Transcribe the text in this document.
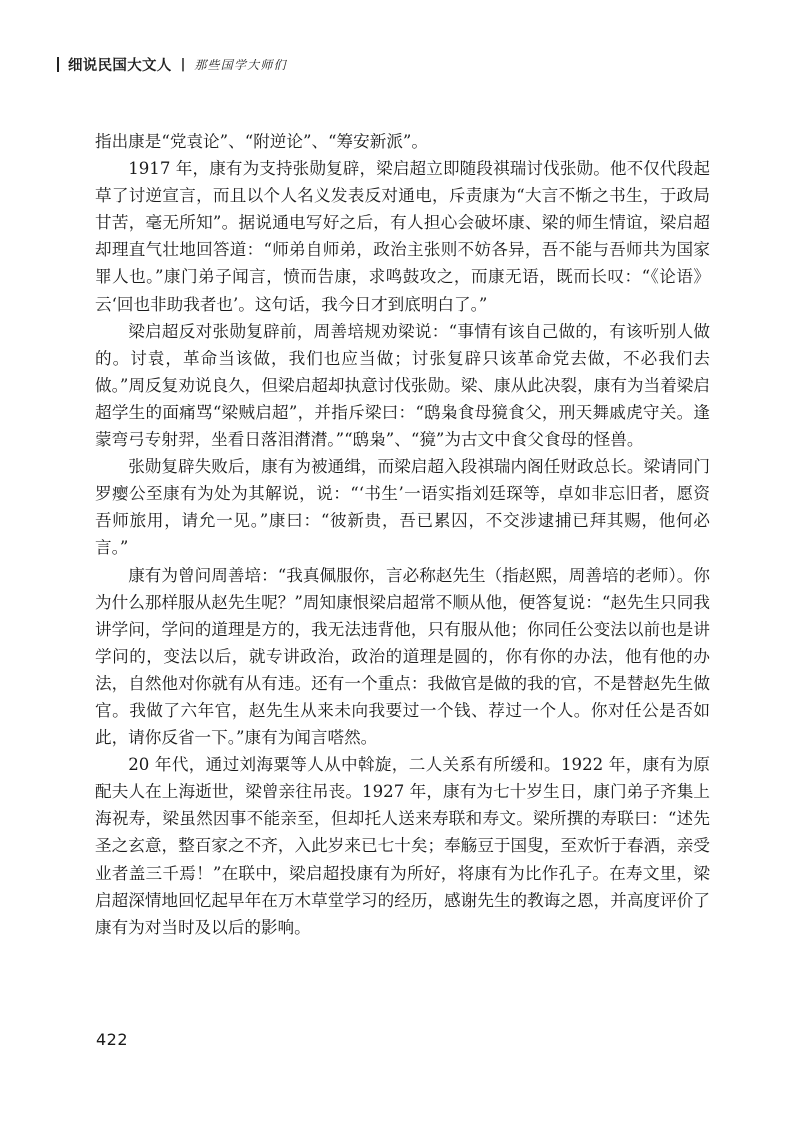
细说民国大文人 | 那些国学大师们

指出康是“党袁论”、“附逆论”、“筹安新派”。

1917 年，康有为支持张勋复辟，梁启超立即随段祺瑞讨伐张勋。他不仅代段起草了讨逆宣言，而且以个人名义发表反对通电，斥责康为“大言不惭之书生，于政局甘苦，毫无所知”。据说通电写好之后，有人担心会破坏康、梁的师生情谊，梁启超却理直气壮地回答道：“师弟自师弟，政治主张则不妨各异，吾不能与吾师共为国家罪人也。”康门弟子闻言，愤而告康，求鸣鼓攻之，而康无语，既而长叹：“《论语》云‘回也非助我者也’。这句话，我今日才到底明白了。”

梁启超反对张勋复辟前，周善培规劝梁说：“事情有该自己做的，有该听别人做的。讨袁，革命当该做，我们也应当做；讨张复辟只该革命党去做，不必我们去做。”周反复劝说良久，但梁启超却执意讨伐张勋。梁、康从此决裂，康有为当着梁启超学生的面痛骂“梁贼启超”，并指斥梁曰：“鸱枭食母獍食父，刑天舞戚虎守关。逢蒙弯弓专射羿，坐看日落泪潸潸。”“鸱枭”、“獍”为古文中食父食母的怪兽。

张勋复辟失败后，康有为被通缉，而梁启超入段祺瑞内阁任财政总长。梁请同门罗瘿公至康有为处为其解说，说：“‘书生’一语实指刘廷琛等，卓如非忘旧者，愿资吾师旅用，请允一见。”康曰：“彼新贵，吾已累囚，不交涉逮捕已拜其赐，他何必言。”

康有为曾问周善培：“我真佩服你，言必称赵先生（指赵熙，周善培的老师）。你为什么那样服从赵先生呢？”周知康恨梁启超常不顺从他，便答复说：“赵先生只同我讲学问，学问的道理是方的，我无法违背他，只有服从他；你同任公变法以前也是讲学问的，变法以后，就专讲政治，政治的道理是圆的，你有你的办法，他有他的办法，自然他对你就有从有违。还有一个重点：我做官是做的我的官，不是替赵先生做官。我做了六年官，赵先生从来未向我要过一个钱、荐过一个人。你对任公是否如此，请你反省一下。”康有为闻言嗒然。

20 年代，通过刘海粟等人从中斡旋，二人关系有所缓和。1922 年，康有为原配夫人在上海逝世，梁曾亲往吊丧。1927 年，康有为七十岁生日，康门弟子齐集上海祝寿，梁虽然因事不能亲至，但却托人送来寿联和寿文。梁所撰的寿联曰：“述先圣之玄意，整百家之不齐，入此岁来已七十矣；奉觞豆于国叟，至欢忻于春酒，亲受业者盖三千焉！”在联中，梁启超投康有为所好，将康有为比作孔子。在寿文里，梁启超深情地回忆起早年在万木草堂学习的经历，感谢先生的教诲之恩，并高度评价了康有为对当时及以后的影响。

422
